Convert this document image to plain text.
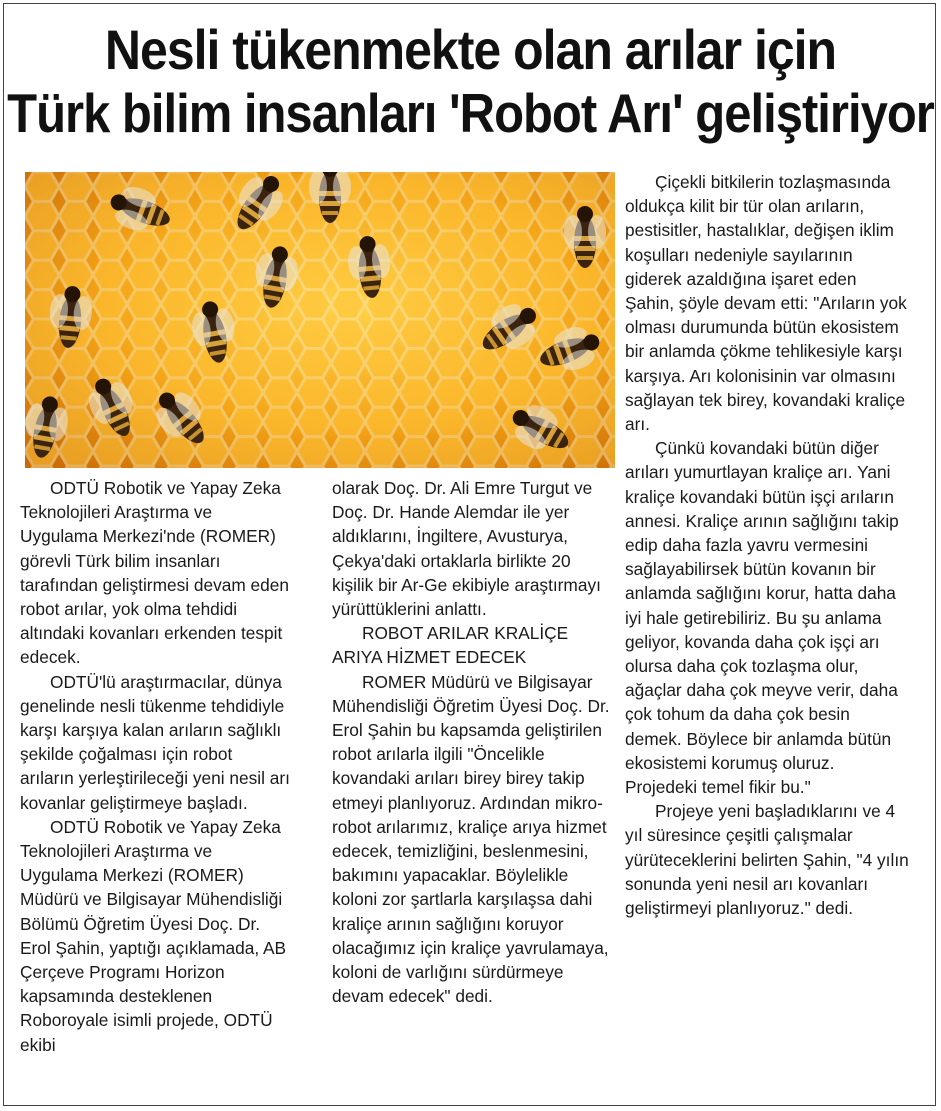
Nesli tükenmekte olan arılar için
Türk bilim insanları 'Robot Arı' geliştiriyor

ODTÜ Robotik ve Yapay Zeka Teknolojileri Araştırma ve Uygulama Merkezi'nde (ROMER) görevli Türk bilim insanları tarafından geliştirmesi devam eden robot arılar, yok olma tehdidi altındaki kovanları erkenden tespit edecek.

ODTÜ'lü araştırmacılar, dünya genelinde nesli tükenme tehdidiyle karşı karşıya kalan arıların sağlıklı şekilde çoğalması için robot arıların yerleştirileceği yeni nesil arı kovanlar geliştirmeye başladı.

ODTÜ Robotik ve Yapay Zeka Teknolojileri Araştırma ve Uygulama Merkezi (ROMER) Müdürü ve Bilgisayar Mühendisliği Bölümü Öğretim Üyesi Doç. Dr. Erol Şahin, yaptığı açıklamada, AB Çerçeve Programı Horizon kapsamında desteklenen Roboroyale isimli projede, ODTÜ ekibi

olarak Doç. Dr. Ali Emre Turgut ve Doç. Dr. Hande Alemdar ile yer aldıklarını, İngiltere, Avusturya, Çekya'daki ortaklarla birlikte 20 kişilik bir Ar-Ge ekibiyle araştırmayı yürüttüklerini anlattı.

ROBOT ARILAR KRALİÇE ARIYA HİZMET EDECEK

ROMER Müdürü ve Bilgisayar Mühendisliği Öğretim Üyesi Doç. Dr. Erol Şahin bu kapsamda geliştirilen robot arılarla ilgili "Öncelikle kovandaki arıları birey birey takip etmeyi planlıyoruz. Ardından mikro-robot arılarımız, kraliçe arıya hizmet edecek, temizliğini, beslenmesini, bakımını yapacaklar. Böylelikle koloni zor şartlarla karşılaşsa dahi kraliçe arının sağlığını koruyor olacağımız için kraliçe yavrulamaya, koloni de varlığını sürdürmeye devam edecek" dedi.

Çiçekli bitkilerin tozlaşmasında oldukça kilit bir tür olan arıların, pestisitler, hastalıklar, değişen iklim koşulları nedeniyle sayılarının giderek azaldığına işaret eden Şahin, şöyle devam etti: "Arıların yok olması durumunda bütün ekosistem bir anlamda çökme tehlikesiyle karşı karşıya. Arı kolonisinin var olmasını sağlayan tek birey, kovandaki kraliçe arı.

Çünkü kovandaki bütün diğer arıları yumurtlayan kraliçe arı. Yani kraliçe kovandaki bütün işçi arıların annesi. Kraliçe arının sağlığını takip edip daha fazla yavru vermesini sağlayabilirsek bütün kovanın bir anlamda sağlığını korur, hatta daha iyi hale getirebiliriz. Bu şu anlama geliyor, kovanda daha çok işçi arı olursa daha çok tozlaşma olur, ağaçlar daha çok meyve verir, daha çok tohum da daha çok besin demek. Böylece bir anlamda bütün ekosistemi korumuş oluruz. Projedeki temel fikir bu."

Projeye yeni başladıklarını ve 4 yıl süresince çeşitli çalışmalar yürüteceklerini belirten Şahin, "4 yılın sonunda yeni nesil arı kovanları geliştirmeyi planlıyoruz." dedi.
